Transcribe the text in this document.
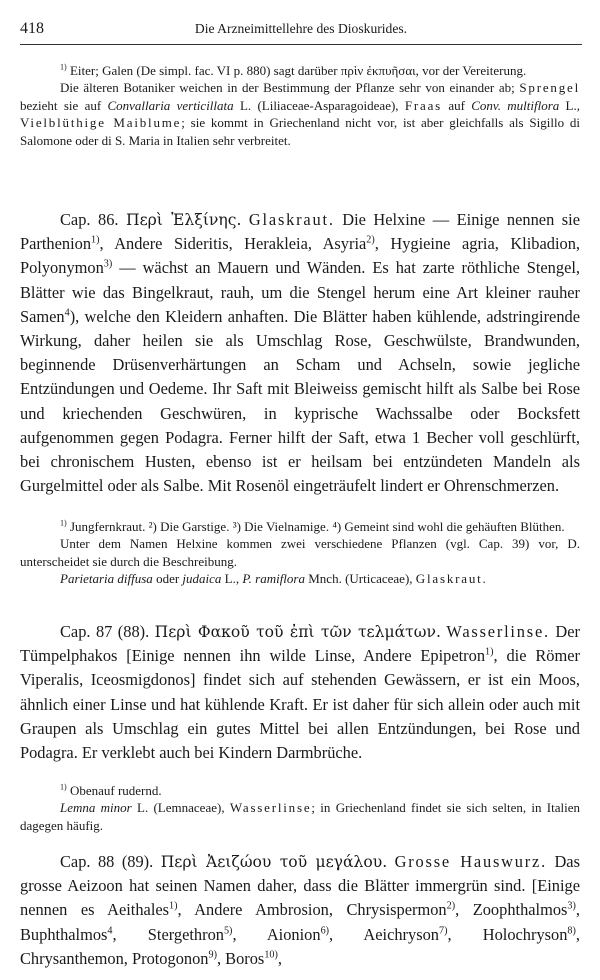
418	Die Arzneimittellehre des Dioskurides.

$^{1)}$ Eiter; Galen (De simpl. fac. VI p. 880) sagt darüber πρὶν ἐκπυῆσαι, vor der Vereiterung.

Die älteren Botaniker weichen in der Bestimmung der Pflanze sehr von einander ab; Sprengel bezieht sie auf Convallaria verticillata L. (Liliaceae-Asparagoideae), Fraas auf Conv. multiflora L., Vielblüthige Maiblume; sie kommt in Griechenland nicht vor, ist aber gleichfalls als Sigillo di Salomone oder di S. Maria in Italien sehr verbreitet.

Cap. 86. Περὶ Ἑλξίνης. Glaskraut. Die Helxine — Einige nennen sie Parthenion$^{1)}$, Andere Sideritis, Herakleia, Asyria$^{2)}$, Hygieine agria, Klibadion, Polyonymon$^{3)}$ — wächst an Mauern und Wänden. Es hat zarte röthliche Stengel, Blätter wie das Bingelkraut, rauh, um die Stengel herum eine Art kleiner rauher Samen$^4$), welche den Kleidern anhaften. Die Blätter haben kühlende, adstringirende Wirkung, daher heilen sie als Umschlag Rose, Geschwülste, Brandwunden, beginnende Drüsenverhärtungen an Scham und Achseln, sowie jegliche Entzündungen und Oedeme. Ihr Saft mit Bleiweiss gemischt hilft als Salbe bei Rose und kriechenden Geschwüren, in kyprische Wachssalbe oder Bocksfett aufgenommen gegen Podagra. Ferner hilft der Saft, etwa 1 Becher voll geschlürft, bei chronischem Husten, ebenso ist er heilsam bei entzündeten Mandeln als Gurgelmittel oder als Salbe. Mit Rosenöl eingeträufelt lindert er Ohrenschmerzen.

$^{1)}$ Jungfernkraut. ²) Die Garstige. ³) Die Vielnamige. ⁴) Gemeint sind wohl die gehäuften Blüthen.

Unter dem Namen Helxine kommen zwei verschiedene Pflanzen (vgl. Cap. 39) vor, D. unterscheidet sie durch die Beschreibung.

Parietaria diffusa oder judaica L., P. ramiflora Mnch. (Urticaceae), Glaskraut.

Cap. 87 (88). Περὶ Φακοῦ τοῦ ἐπὶ τῶν τελμάτων. Wasserlinse. Der Tümpelphakos [Einige nennen ihn wilde Linse, Andere Epipetron$^{1)}$, die Römer Viperalis, Iceosmigdonos] findet sich auf stehenden Gewässern, er ist ein Moos, ähnlich einer Linse und hat kühlende Kraft. Er ist daher für sich allein oder auch mit Graupen als Umschlag ein gutes Mittel bei allen Entzündungen, bei Rose und Podagra. Er verklebt auch bei Kindern Darmbrüche.

$^{1)}$ Obenauf rudernd.

Lemna minor L. (Lemnaceae), Wasserlinse; in Griechenland findet sie sich selten, in Italien dagegen häufig.

Cap. 88 (89). Περὶ Ἀειζώου τοῦ μεγάλου. Grosse Hauswurz. Das grosse Aeizoon hat seinen Namen daher, dass die Blätter immergrün sind. [Einige nennen es Aeithales$^{1)}$, Andere Ambrosion, Chrysispermon$^{2)}$, Zoophthalmos$^{3)}$, Buphthalmos$^4$, Stergethron$^{5)}$, Aionion$^{6)}$, Aeichryson$^{7)}$, Holochryson$^{8)}$, Chrysanthemon, Protogonon$^{9)}$, Boros$^{10)}$,
